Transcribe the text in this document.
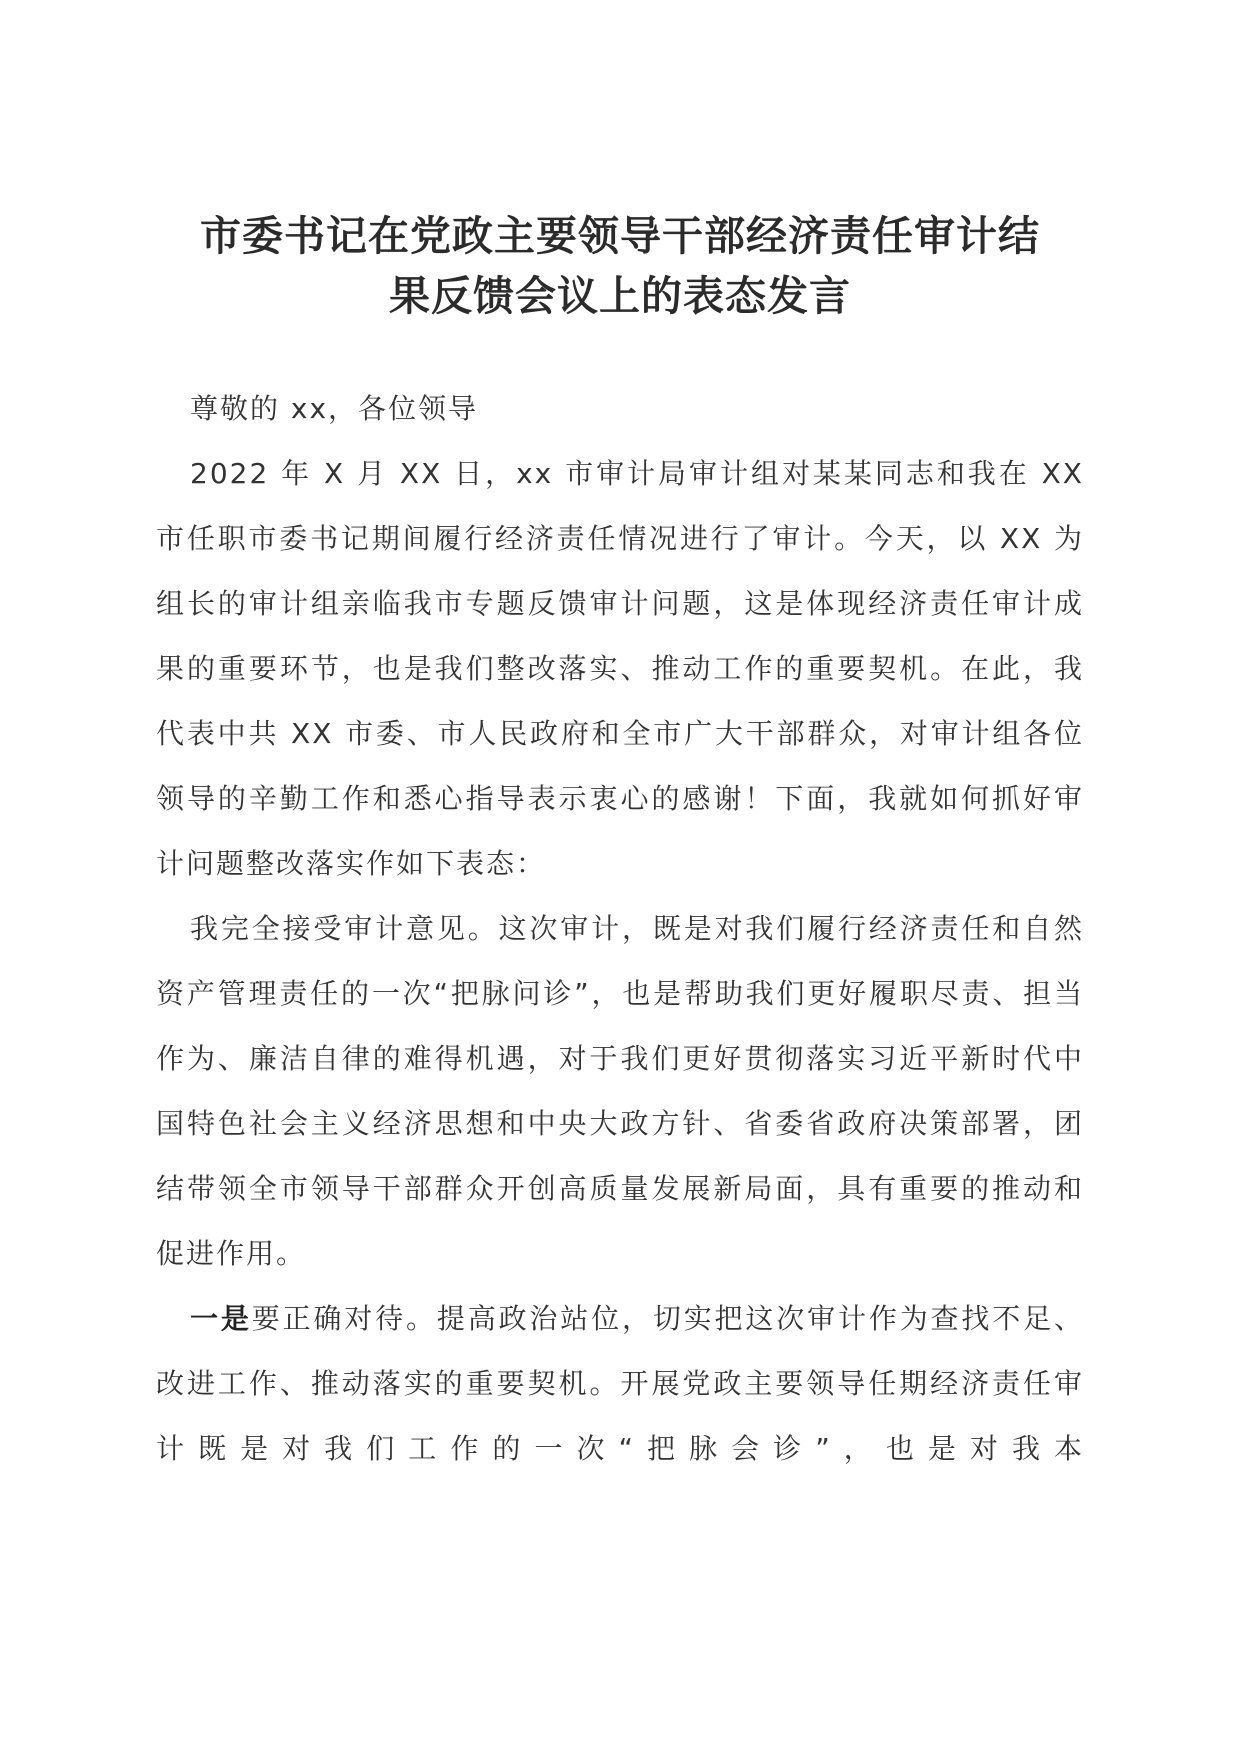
市委书记在党政主要领导干部经济责任审计结
果反馈会议上的表态发言

尊敬的 xx，各位领导

2022 年 X 月 XX 日，xx 市审计局审计组对某某同志和我在 XX 市任职市委书记期间履行经济责任情况进行了审计。今天，以 XX 为组长的审计组亲临我市专题反馈审计问题，这是体现经济责任审计成果的重要环节，也是我们整改落实、推动工作的重要契机。在此，我代表中共 XX 市委、市人民政府和全市广大干部群众，对审计组各位领导的辛勤工作和悉心指导表示衷心的感谢！下面，我就如何抓好审计问题整改落实作如下表态：

我完全接受审计意见。这次审计，既是对我们履行经济责任和自然资产管理责任的一次“把脉问诊”，也是帮助我们更好履职尽责、担当作为、廉洁自律的难得机遇，对于我们更好贯彻落实习近平新时代中国特色社会主义经济思想和中央大政方针、省委省政府决策部署，团结带领全市领导干部群众开创高质量发展新局面，具有重要的推动和促进作用。

一是要正确对待。提高政治站位，切实把这次审计作为查找不足、改进工作、推动落实的重要契机。开展党政主要领导任期经济责任审计既是对我们工作的一次“把脉会诊”，也是对我本
